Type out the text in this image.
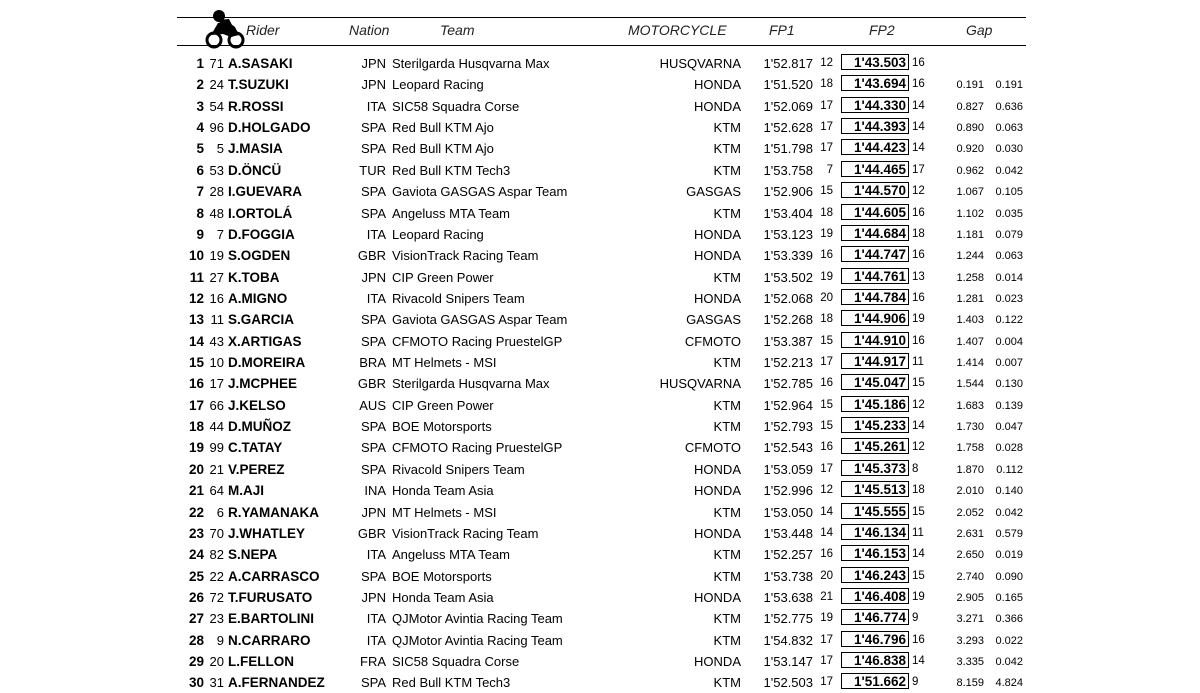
Rider	Nation	Team	MOTORCYCLE	FP1	FP2	Gap
1 71 A.SASAKI	JPN Sterilgarda Husqvarna Max	HUSQVARNA	1'52.817 12	1'43.503 16
2 24 T.SUZUKI	JPN Leopard Racing	HONDA	1'51.520 18	1'43.694 16	0.191	0.191
3 54 R.ROSSI	ITA SIC58 Squadra Corse	HONDA	1'52.069 17	1'44.330 14	0.827	0.636
4 96 D.HOLGADO	SPA Red Bull KTM Ajo	KTM	1'52.628 17	1'44.393 14	0.890	0.063
5 5 J.MASIA	SPA Red Bull KTM Ajo	KTM	1'51.798 17	1'44.423 14	0.920	0.030
6 53 D.ÖNCÜ	TUR Red Bull KTM Tech3	KTM	1'53.758	7	1'44.465 17	0.962	0.042
7 28 I.GUEVARA	SPA Gaviota GASGAS Aspar Team	GASGAS	1'52.906 15	1'44.570 12	1.067	0.105
8 48 I.ORTOLÁ	SPA Angeluss MTA Team	KTM	1'53.404 18	1'44.605 16	1.102	0.035
9 7 D.FOGGIA	ITA Leopard Racing	HONDA	1'53.123 19	1'44.684 18	1.181	0.079
10 19 S.OGDEN	GBR VisionTrack Racing Team	HONDA	1'53.339 16	1'44.747 16	1.244	0.063
11 27 K.TOBA	JPN CIP Green Power	KTM	1'53.502 19	1'44.761 13	1.258	0.014
12 16 A.MIGNO	ITA Rivacold Snipers Team	HONDA	1'52.068 20	1'44.784 16	1.281	0.023
13 11 S.GARCIA	SPA Gaviota GASGAS Aspar Team	GASGAS	1'52.268 18	1'44.906 19	1.403	0.122
14 43 X.ARTIGAS	SPA CFMOTO Racing PruestelGP	CFMOTO	1'53.387 15	1'44.910 16	1.407	0.004
15 10 D.MOREIRA	BRA MT Helmets - MSI	KTM	1'52.213 17	1'44.917 11	1.414	0.007
16 17 J.MCPHEE	GBR Sterilgarda Husqvarna Max	HUSQVARNA	1'52.785 16	1'45.047 15	1.544	0.130
17 66 J.KELSO	AUS CIP Green Power	KTM	1'52.964 15	1'45.186 12	1.683	0.139
18 44 D.MUÑOZ	SPA BOE Motorsports	KTM	1'52.793 15	1'45.233 14	1.730	0.047
19 99 C.TATAY	SPA CFMOTO Racing PruestelGP	CFMOTO	1'52.543 16	1'45.261 12	1.758	0.028
20 21 V.PEREZ	SPA Rivacold Snipers Team	HONDA	1'53.059 17	1'45.373 8	1.870	0.112
21 64 M.AJI	INA Honda Team Asia	HONDA	1'52.996 12	1'45.513 18	2.010	0.140
22 6 R.YAMANAKA	JPN MT Helmets - MSI	KTM	1'53.050 14	1'45.555 15	2.052	0.042
23 70 J.WHATLEY	GBR VisionTrack Racing Team	HONDA	1'53.448 14	1'46.134 11	2.631	0.579
24 82 S.NEPA	ITA Angeluss MTA Team	KTM	1'52.257 16	1'46.153 14	2.650	0.019
25 22 A.CARRASCO	SPA BOE Motorsports	KTM	1'53.738 20	1'46.243 15	2.740	0.090
26 72 T.FURUSATO	JPN Honda Team Asia	HONDA	1'53.638 21	1'46.408 19	2.905	0.165
27 23 E.BARTOLINI	ITA QJMotor Avintia Racing Team	KTM	1'52.775 19	1'46.774 9	3.271	0.366
28 9 N.CARRARO	ITA QJMotor Avintia Racing Team	KTM	1'54.832 17	1'46.796 16	3.293	0.022
29 20 L.FELLON	FRA SIC58 Squadra Corse	HONDA	1'53.147 17	1'46.838 14	3.335	0.042
30 31 A.FERNANDEZ	SPA Red Bull KTM Tech3	KTM	1'52.503 17	1'51.662 9	8.159	4.824
